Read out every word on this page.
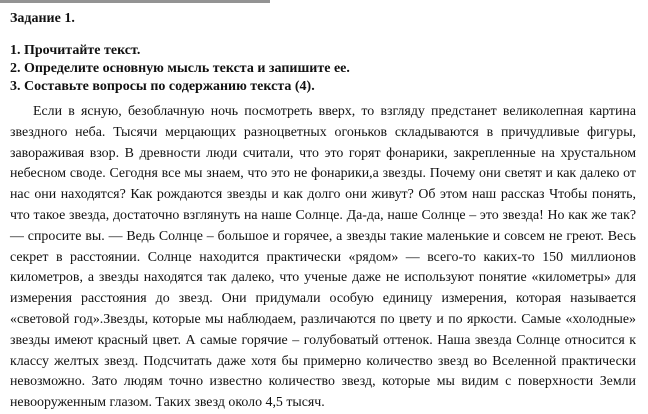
Задание 1.
1. Прочитайте текст.
2. Определите основную мысль текста и запишите ее.
3. Составьте вопросы по содержанию текста (4).

Если в ясную, безоблачную ночь посмотреть вверх, то взгляду предстанет великолепная картина звездного неба. Тысячи мерцающих разноцветных огоньков складываются в причудливые фигуры, завораживая взор. В древности люди считали, что это горят фонарики, закрепленные на хрустальном небесном своде. Сегодня все мы знаем, что это не фонарики,а звезды. Почему они светят и как далеко от нас они находятся? Как рождаются звезды и как долго они живут? Об этом наш рассказ Чтобы понять, что такое звезда, достаточно взглянуть на наше Солнце. Да-да, наше Солнце – это звезда! Но как же так? — спросите вы. — Ведь Солнце – большое и горячее, а звезды такие маленькие и совсем не греют. Весь секрет в расстоянии. Солнце находится практически «рядом» — всего-то каких-то 150 миллионов километров, а звезды находятся так далеко, что ученые даже не используют понятие «километры» для измерения расстояния до звезд. Они придумали особую единицу измерения, которая называется «световой год».Звезды, которые мы наблюдаем, различаются по цвету и по яркости. Самые «холодные» звезды имеют красный цвет. А самые горячие – голубоватый оттенок. Наша звезда Солнце относится к классу желтых звезд. Подсчитать даже хотя бы примерно количество звезд во Вселенной практически невозможно. Зато людям точно известно количество звезд, которые мы видим с поверхности Земли невооруженным глазом. Таких звезд около 4,5 тысяч.
